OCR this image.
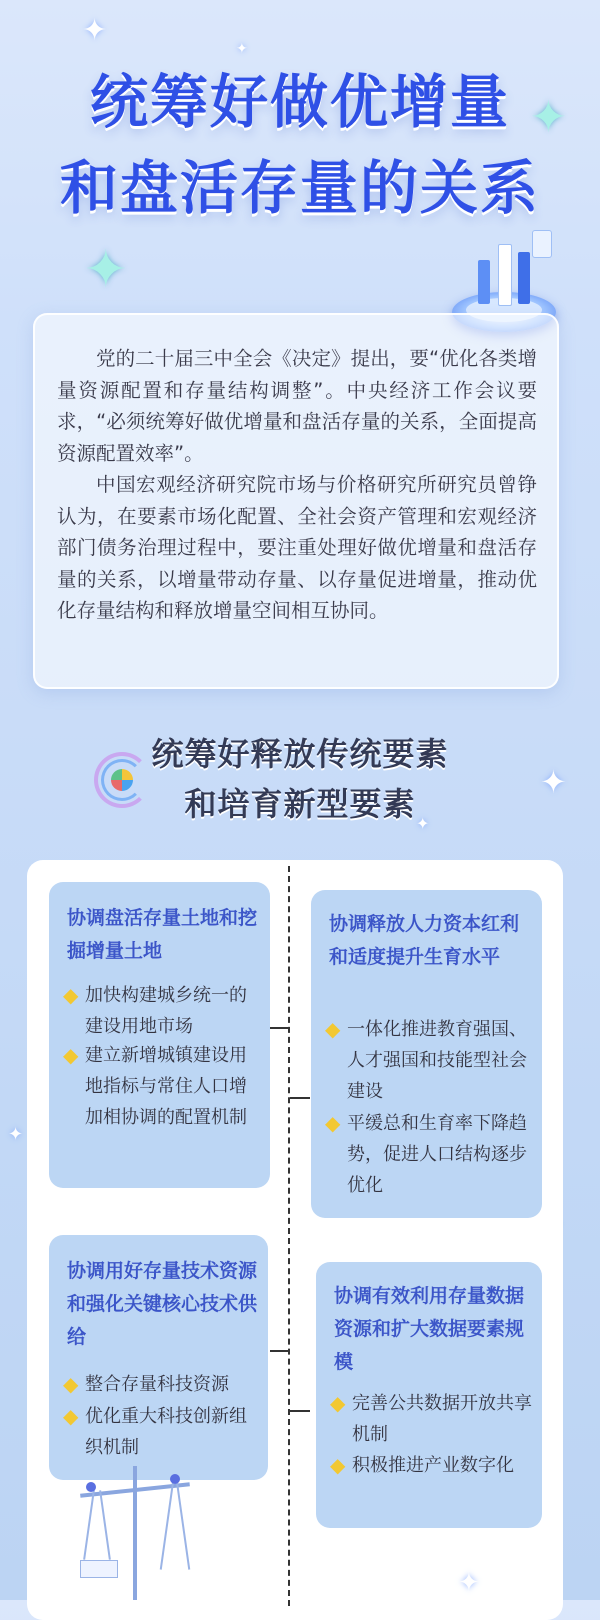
✦
✦
✦
✦
✦
✦
✦
统筹好做优增量
和盘活存量的关系

党的二十届三中全会《决定》提出，要“优化各类增量资源配置和存量结构调整”。中央经济工作会议要求，“必须统筹好做优增量和盘活存量的关系，全面提高资源配置效率”。

中国宏观经济研究院市场与价格研究所研究员曾铮认为，在要素市场化配置、全社会资产管理和宏观经济部门债务治理过程中，要注重处理好做优增量和盘活存量的关系，以增量带动存量、以存量促进增量，推动优化存量结构和释放增量空间相互协同。

统筹好释放传统要素
和培育新型要素
协调盘活存量土地和挖掘增量土地
◆ 加快构建城乡统一的建设用地市场
◆ 建立新增城镇建设用地指标与常住人口增加相协调的配置机制
协调释放人力资本红利和适度提升生育水平
◆ 一体化推进教育强国、人才强国和技能型社会建设
◆ 平缓总和生育率下降趋势，促进人口结构逐步优化
协调用好存量技术资源和强化关键核心技术供给
◆ 整合存量科技资源
◆ 优化重大科技创新组织机制
协调有效利用存量数据资源和扩大数据要素规模
◆ 完善公共数据开放共享机制
◆ 积极推进产业数字化
✦
